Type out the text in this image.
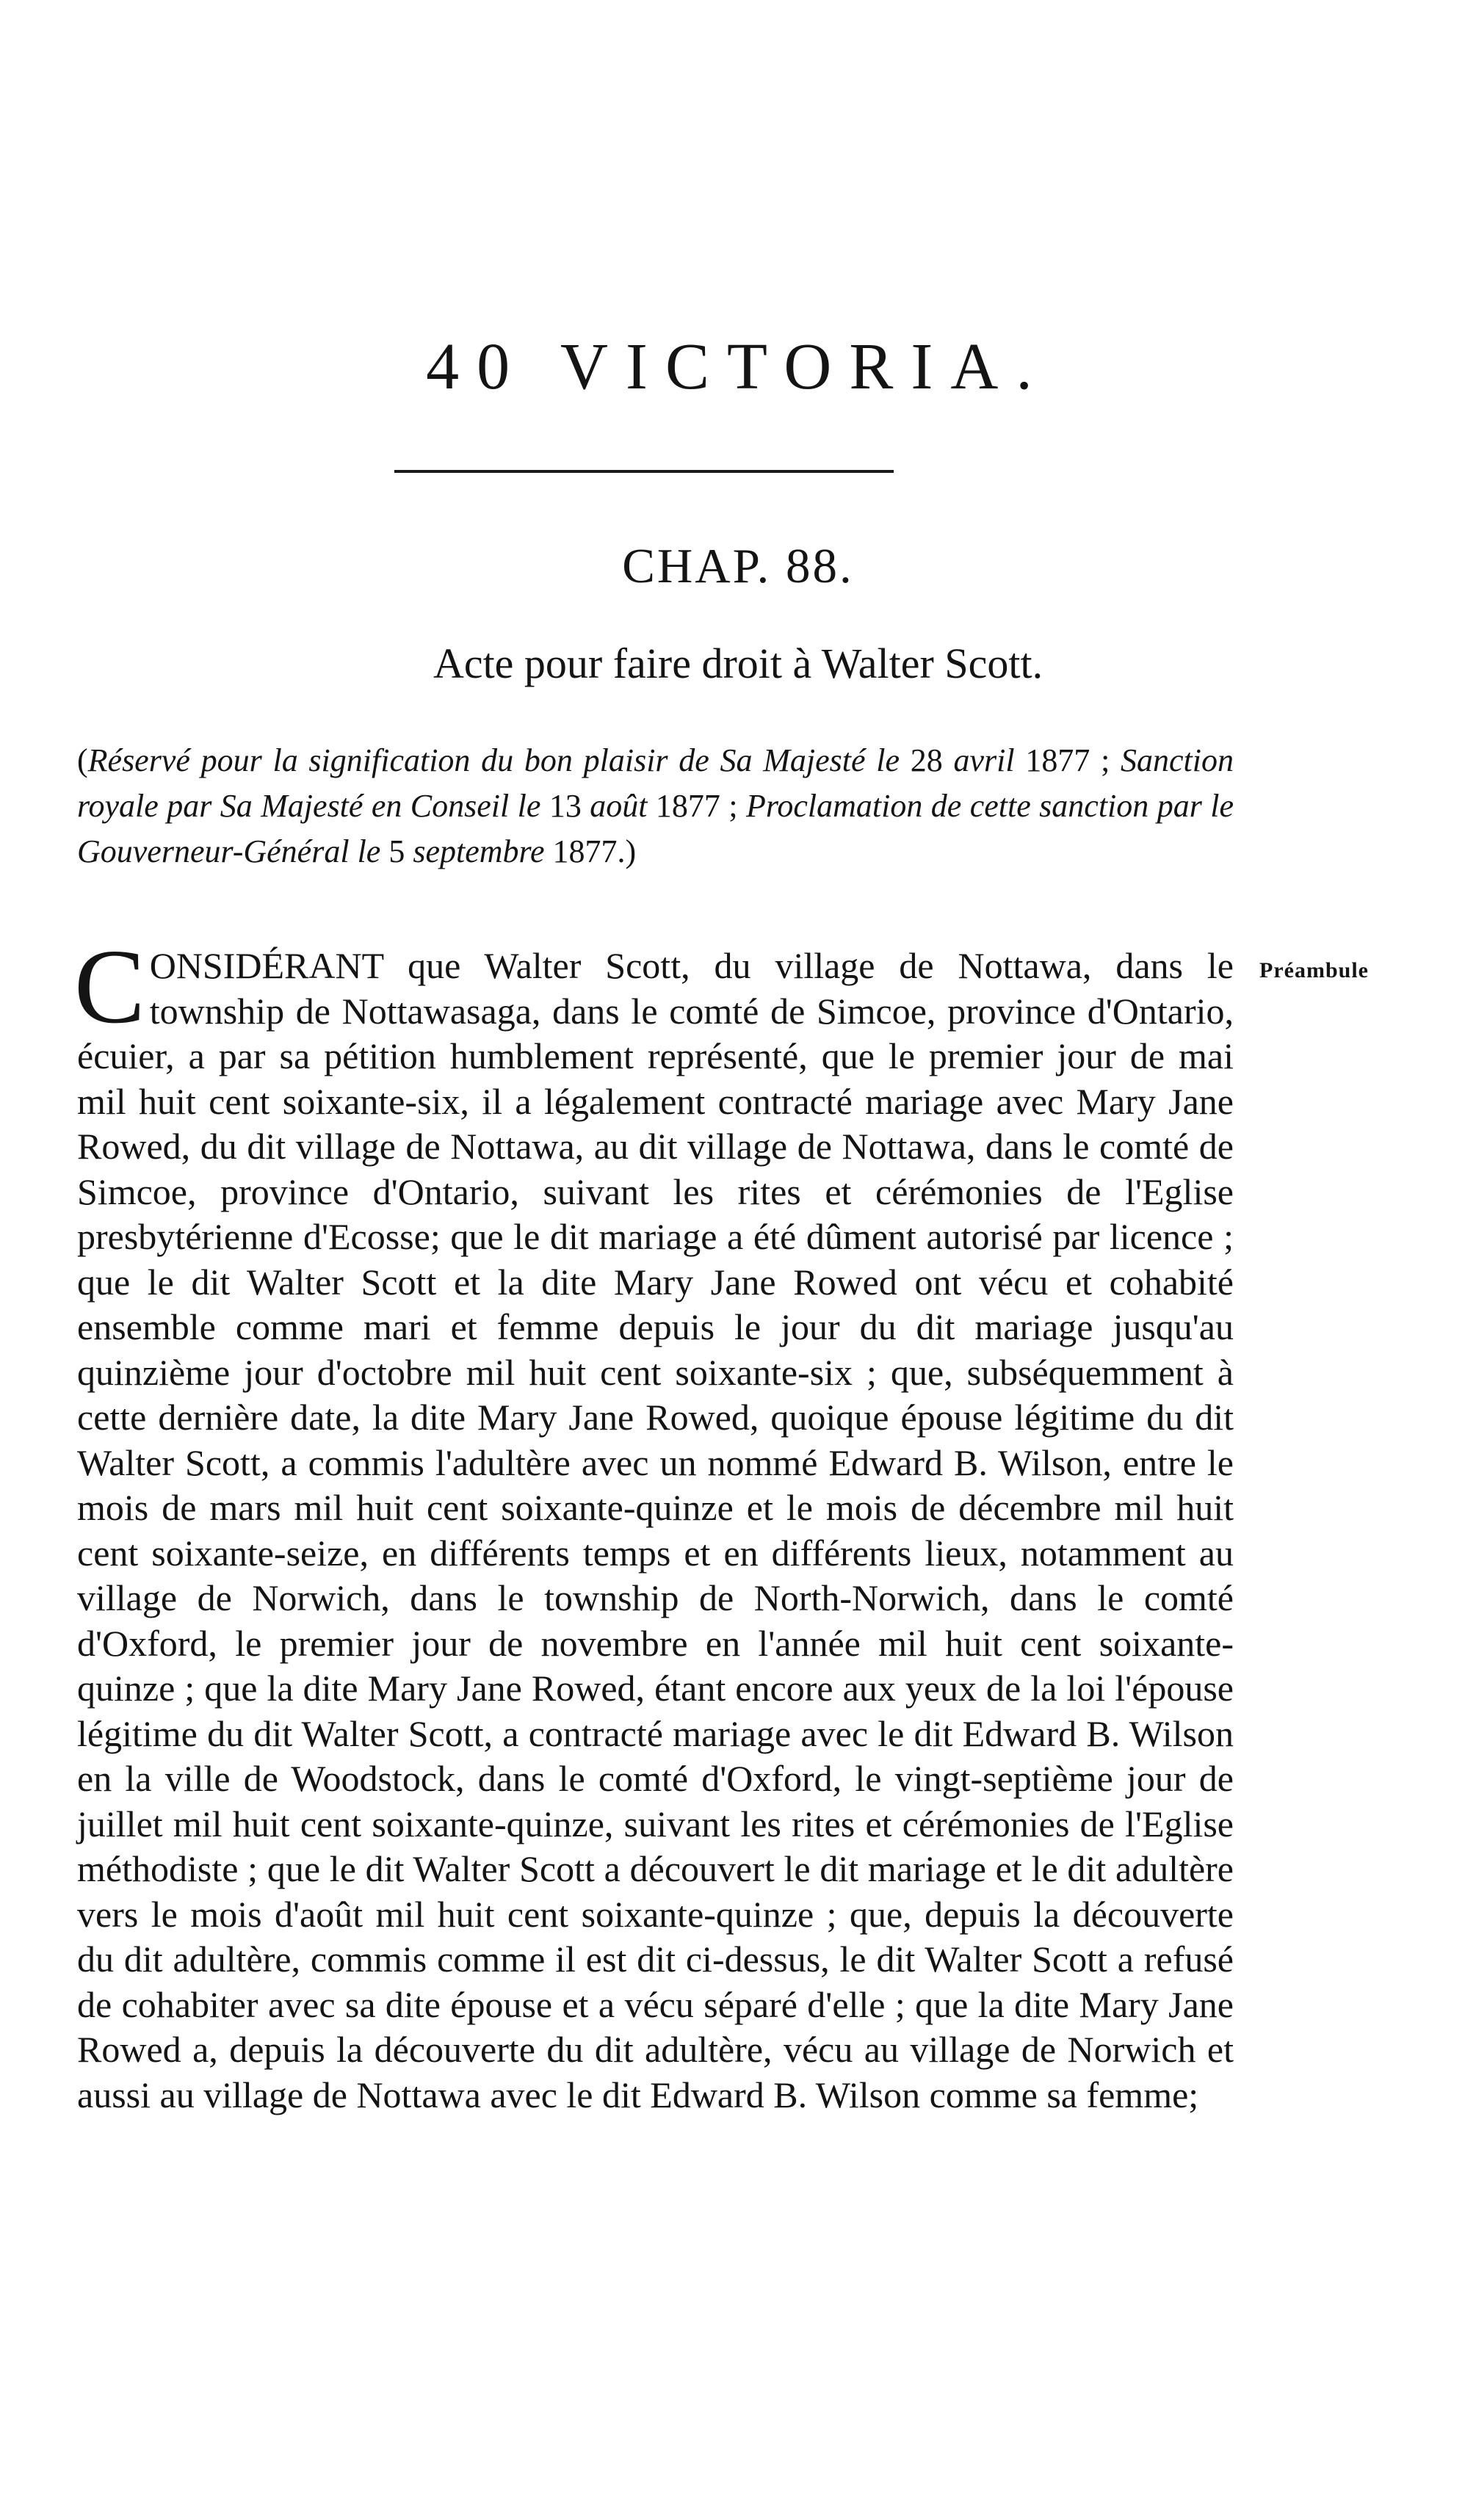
40 VICTORIA.
CHAP. 88.
Acte pour faire droit à Walter Scott.
(Réservé pour la signification du bon plaisir de Sa Majesté le 28 avril 1877 ; Sanction royale par Sa Majesté en Conseil le 13 août 1877 ; Proclamation de cette sanction par le Gouverneur-Général le 5 septembre 1877.)
Préambule
CONSIDÉRANT que Walter Scott, du village de Nottawa, dans le township de Nottawasaga, dans le comté de Simcoe, province d'Ontario, écuier, a par sa pétition humblement représenté, que le premier jour de mai mil huit cent soixante-six, il a légalement contracté mariage avec Mary Jane Rowed, du dit village de Nottawa, au dit village de Nottawa, dans le comté de Simcoe, province d'Ontario, suivant les rites et cérémonies de l'Eglise presbytérienne d'Ecosse; que le dit mariage a été dûment autorisé par licence ; que le dit Walter Scott et la dite Mary Jane Rowed ont vécu et cohabité ensemble comme mari et femme depuis le jour du dit mariage jusqu'au quinzième jour d'octobre mil huit cent soixante-six ; que, subséquemment à cette dernière date, la dite Mary Jane Rowed, quoique épouse légitime du dit Walter Scott, a commis l'adultère avec un nommé Edward B. Wilson, entre le mois de mars mil huit cent soixante-quinze et le mois de décembre mil huit cent soixante-seize, en différents temps et en différents lieux, notamment au village de Norwich, dans le township de North-Norwich, dans le comté d'Oxford, le premier jour de novembre en l'année mil huit cent soixante-quinze ; que la dite Mary Jane Rowed, étant encore aux yeux de la loi l'épouse légitime du dit Walter Scott, a contracté mariage avec le dit Edward B. Wilson en la ville de Woodstock, dans le comté d'Oxford, le vingt-septième jour de juillet mil huit cent soixante-quinze, suivant les rites et cérémonies de l'Eglise méthodiste ; que le dit Walter Scott a découvert le dit mariage et le dit adultère vers le mois d'août mil huit cent soixante-quinze ; que, depuis la découverte du dit adultère, commis comme il est dit ci-dessus, le dit Walter Scott a refusé de cohabiter avec sa dite épouse et a vécu séparé d'elle ; que la dite Mary Jane Rowed a, depuis la découverte du dit adultère, vécu au village de Norwich et aussi au village de Nottawa avec le dit Edward B. Wilson comme sa femme;
